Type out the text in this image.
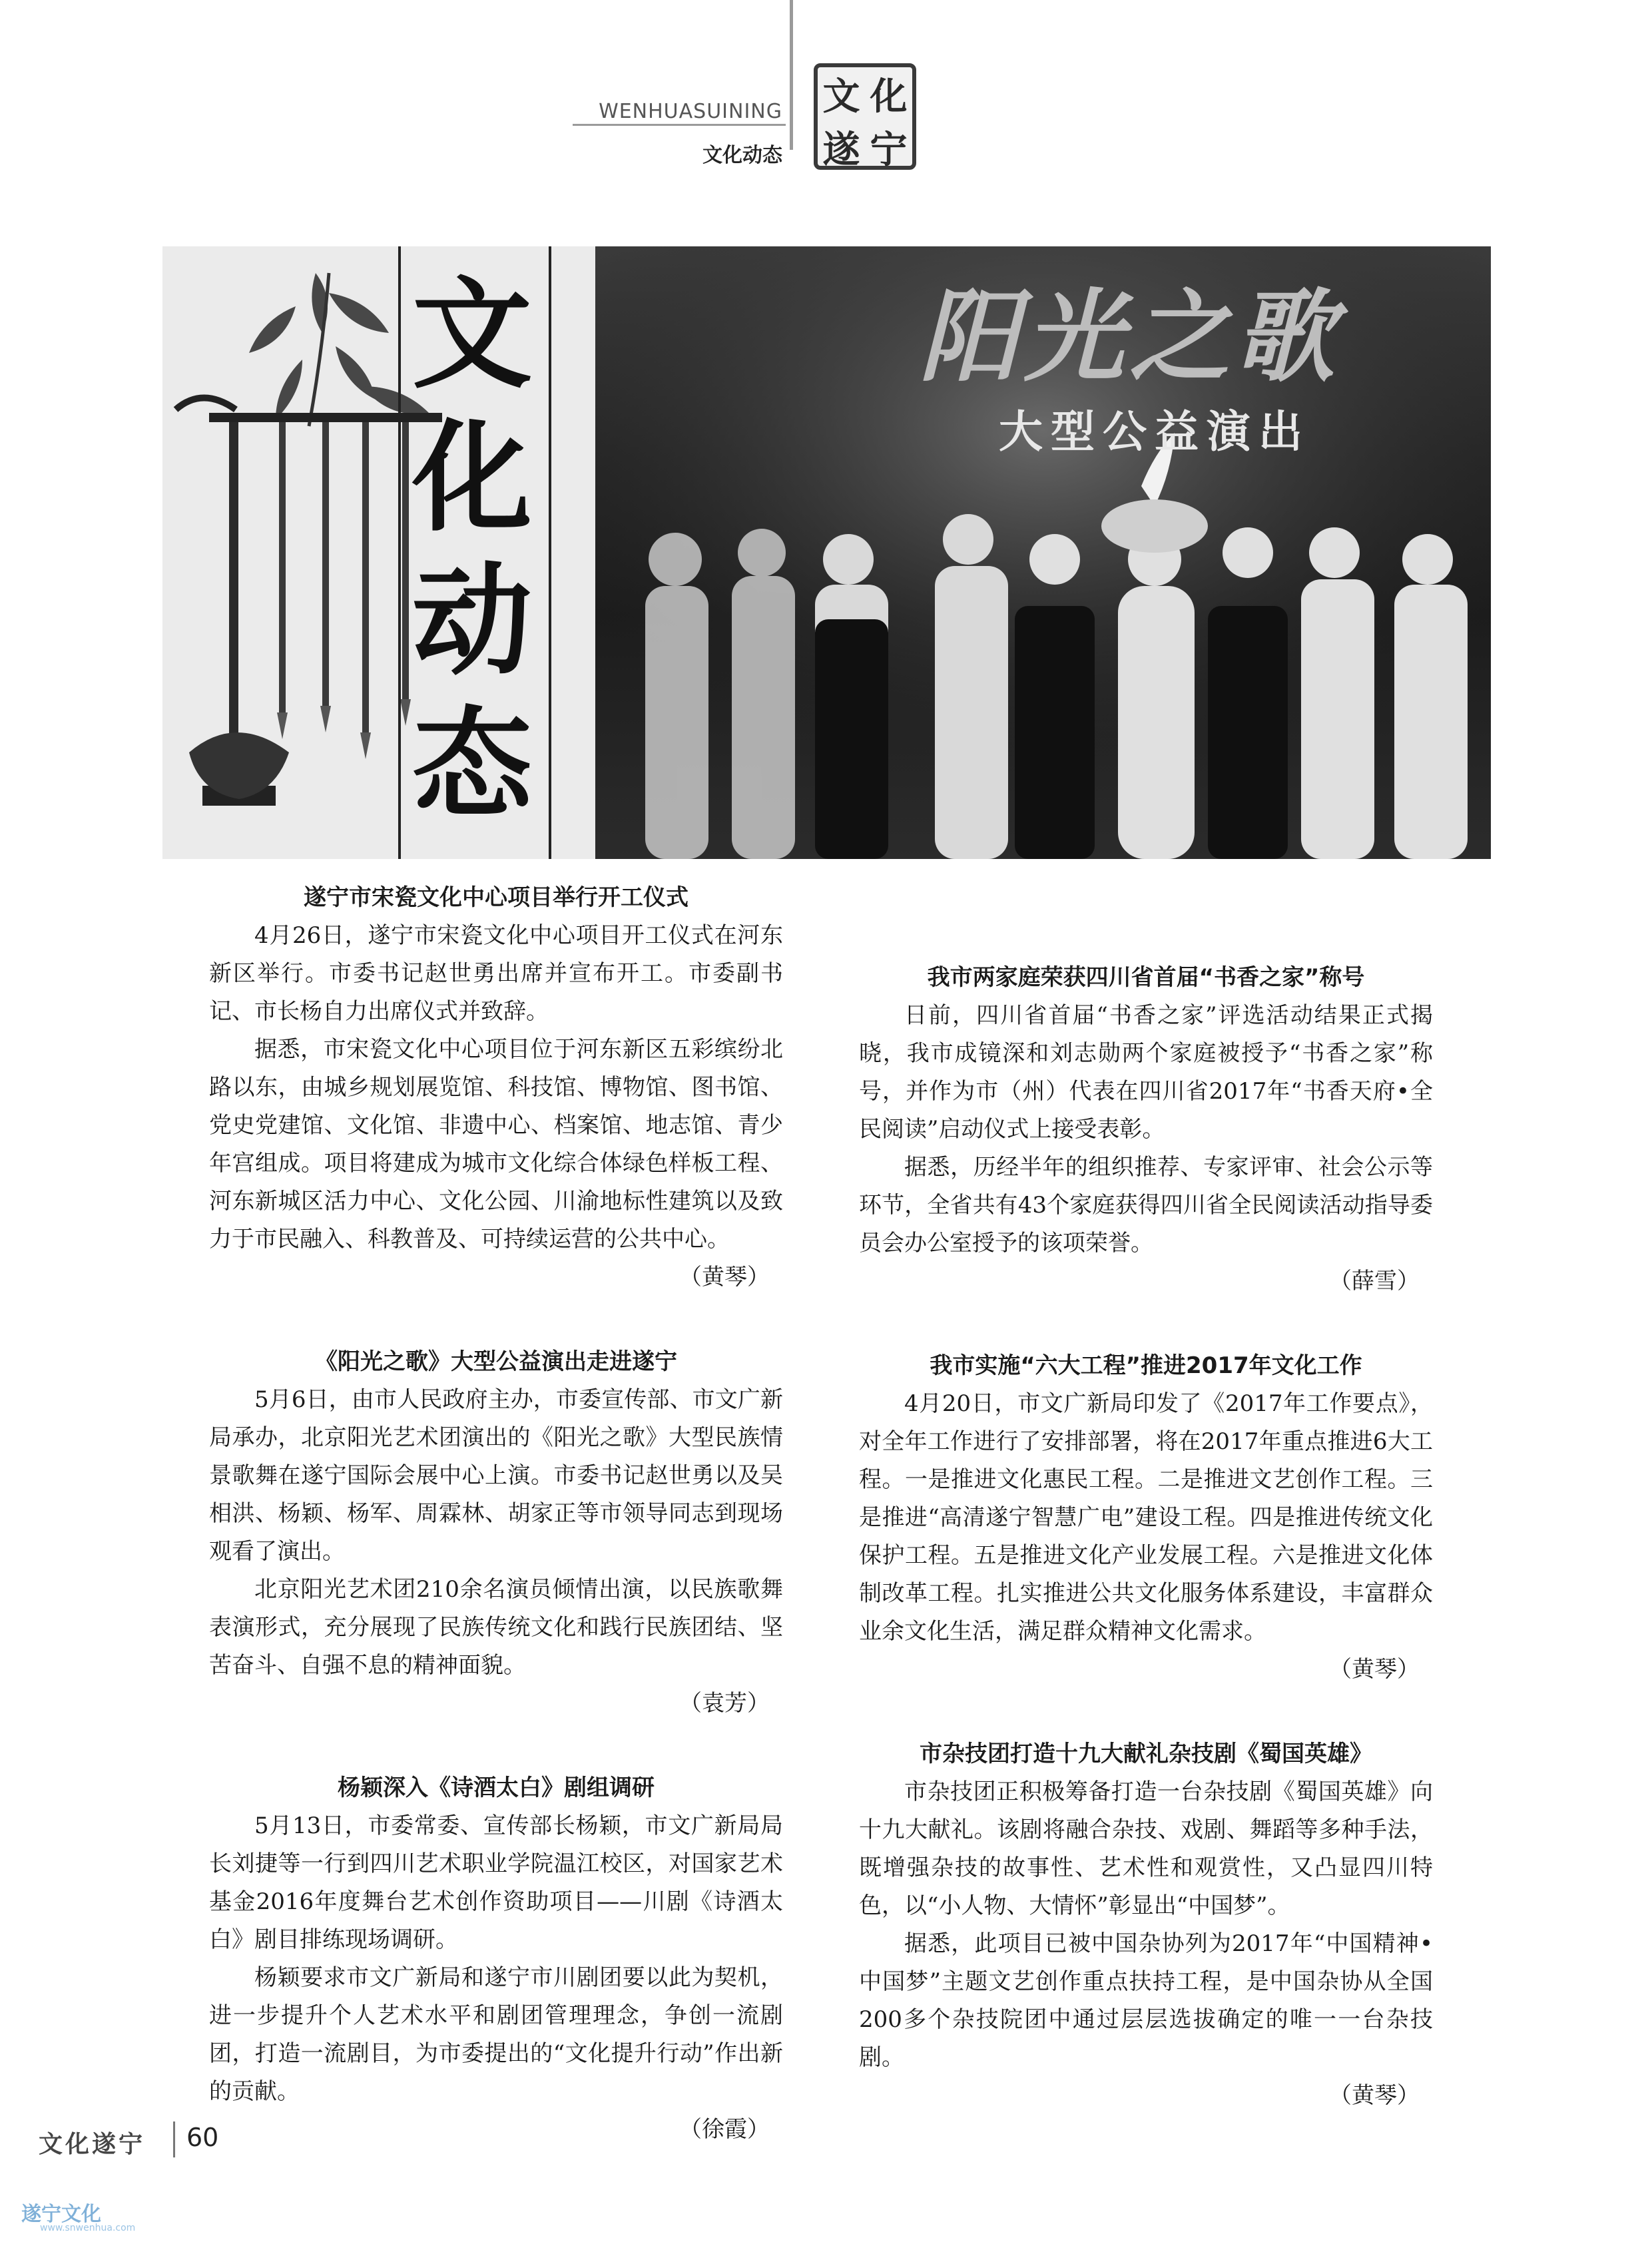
WENHUASUINING
文化动态
文 化
遂 宁
文
化
动
态
阳光之歌
大型公益演出
遂宁市宋瓷文化中心项目举行开工仪式

4月26日，遂宁市宋瓷文化中心项目开工仪式在河东新区举行。市委书记赵世勇出席并宣布开工。市委副书记、市长杨自力出席仪式并致辞。

据悉，市宋瓷文化中心项目位于河东新区五彩缤纷北路以东，由城乡规划展览馆、科技馆、博物馆、图书馆、党史党建馆、文化馆、非遗中心、档案馆、地志馆、青少年宫组成。项目将建成为城市文化综合体绿色样板工程、河东新城区活力中心、文化公园、川渝地标性建筑以及致力于市民融入、科教普及、可持续运营的公共中心。

（黄琴）

《阳光之歌》大型公益演出走进遂宁

5月6日，由市人民政府主办，市委宣传部、市文广新局承办，北京阳光艺术团演出的《阳光之歌》大型民族情景歌舞在遂宁国际会展中心上演。市委书记赵世勇以及吴相洪、杨颖、杨军、周霖林、胡家正等市领导同志到现场观看了演出。

北京阳光艺术团210余名演员倾情出演，以民族歌舞表演形式，充分展现了民族传统文化和践行民族团结、坚苦奋斗、自强不息的精神面貌。

（袁芳）

杨颖深入《诗酒太白》剧组调研

5月13日，市委常委、宣传部长杨颖，市文广新局局长刘捷等一行到四川艺术职业学院温江校区，对国家艺术基金2016年度舞台艺术创作资助项目——川剧《诗酒太白》剧目排练现场调研。

杨颖要求市文广新局和遂宁市川剧团要以此为契机，进一步提升个人艺术水平和剧团管理理念，争创一流剧团，打造一流剧目，为市委提出的“文化提升行动”作出新的贡献。

（徐霞）

我市两家庭荣获四川省首届“书香之家”称号

日前，四川省首届“书香之家”评选活动结果正式揭晓，我市成镜深和刘志勋两个家庭被授予“书香之家”称号，并作为市（州）代表在四川省2017年“书香天府•全民阅读”启动仪式上接受表彰。

据悉，历经半年的组织推荐、专家评审、社会公示等环节，全省共有43个家庭获得四川省全民阅读活动指导委员会办公室授予的该项荣誉。

（薛雪）

我市实施“六大工程”推进2017年文化工作

4月20日，市文广新局印发了《2017年工作要点》，对全年工作进行了安排部署，将在2017年重点推进6大工程。一是推进文化惠民工程。二是推进文艺创作工程。三是推进“高清遂宁智慧广电”建设工程。四是推进传统文化保护工程。五是推进文化产业发展工程。六是推进文化体制改革工程。扎实推进公共文化服务体系建设，丰富群众业余文化生活，满足群众精神文化需求。

（黄琴）

市杂技团打造十九大献礼杂技剧《蜀国英雄》

市杂技团正积极筹备打造一台杂技剧《蜀国英雄》向十九大献礼。该剧将融合杂技、戏剧、舞蹈等多种手法，既增强杂技的故事性、艺术性和观赏性，又凸显四川特色，以“小人物、大情怀”彰显出“中国梦”。

据悉，此项目已被中国杂协列为2017年“中国精神•中国梦”主题文艺创作重点扶持工程，是中国杂协从全国200多个杂技院团中通过层层选拔确定的唯一一台杂技剧。

（黄琴）

文化遂宁 60
遂宁文化
www.snwenhua.com
